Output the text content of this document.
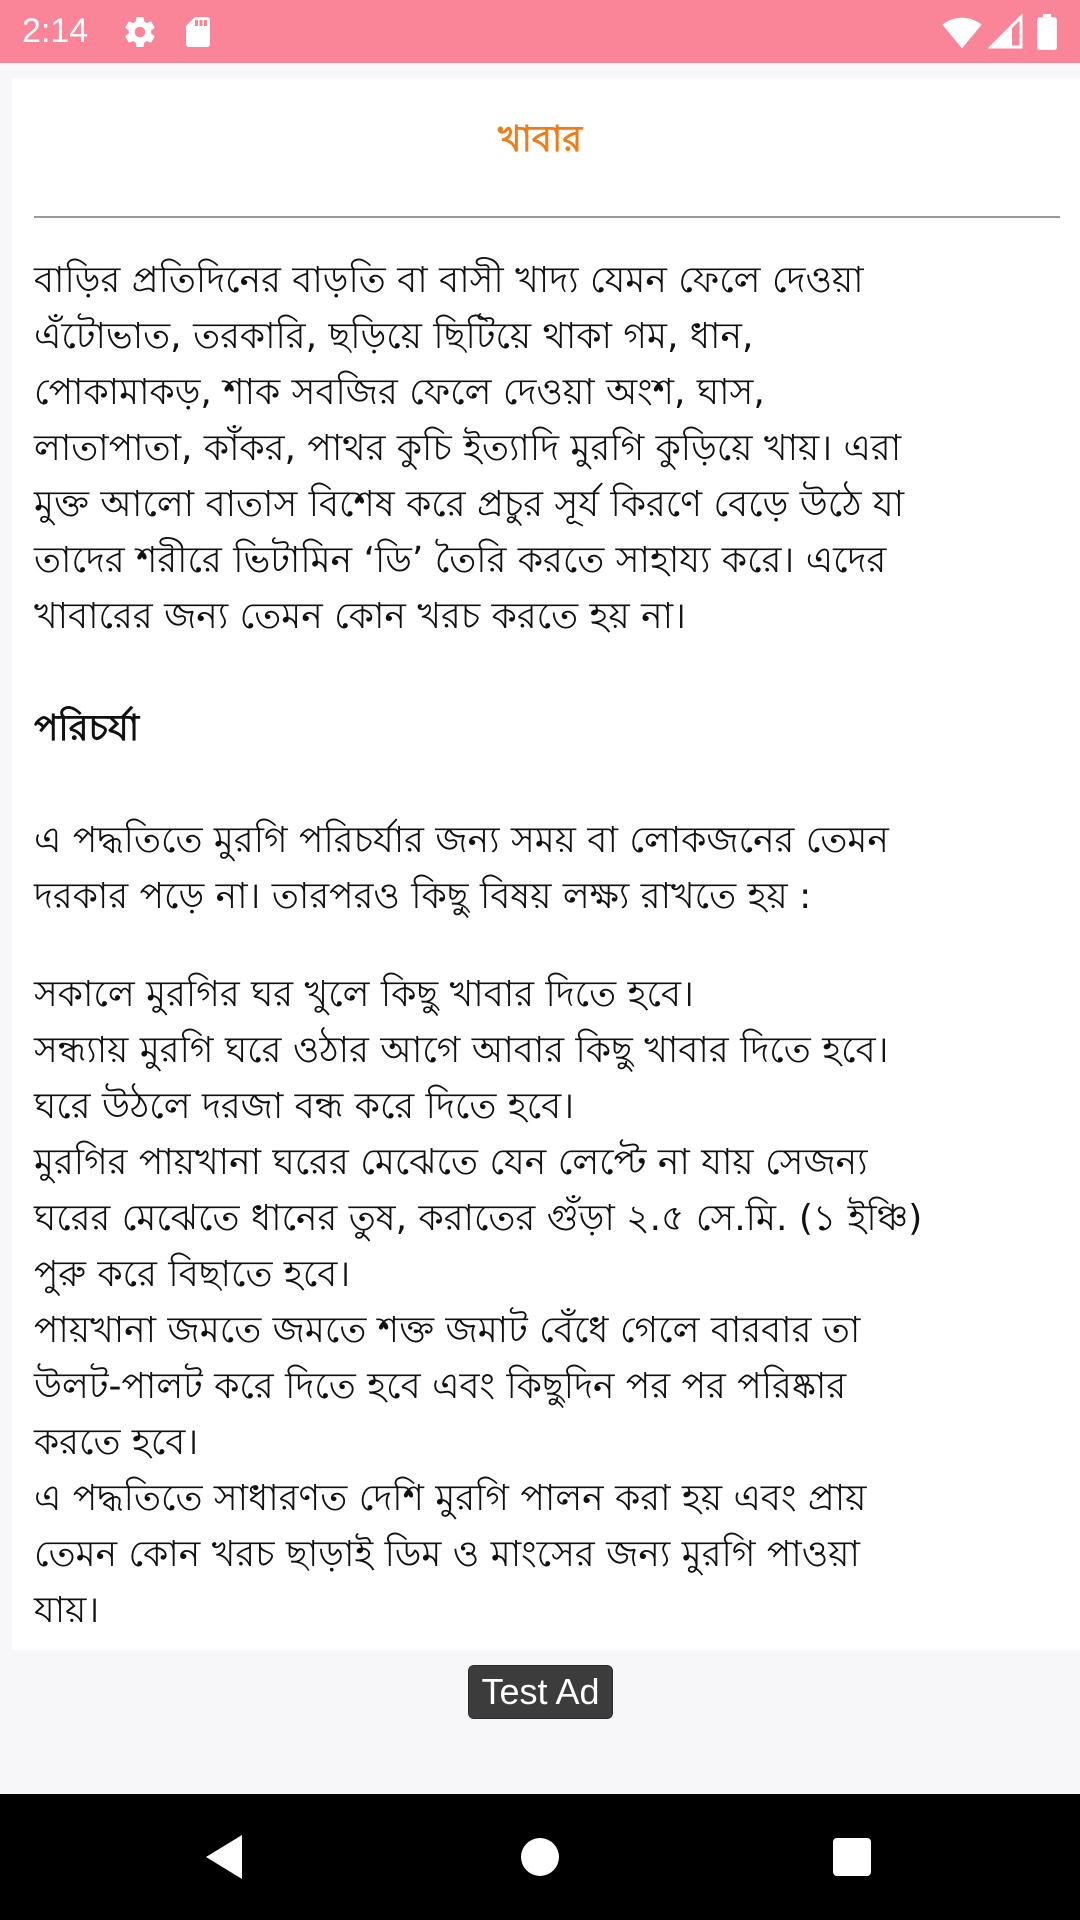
2:14
খাবার

বাড়ির প্রতিদিনের বাড়তি বা বাসী খাদ্য যেমন ফেলে দেওয়া

এঁটোভাত, তরকারি, ছড়িয়ে ছিটিয়ে থাকা গম, ধান,

পোকামাকড়, শাক সবজির ফেলে দেওয়া অংশ, ঘাস,

লাতাপাতা, কাঁকর, পাথর কুচি ইত্যাদি মুরগি কুড়িয়ে খায়। এরা

মুক্ত আলো বাতাস বিশেষ করে প্রচুর সূর্য কিরণে বেড়ে উঠে যা

তাদের শরীরে ভিটামিন ‘ডি’ তৈরি করতে সাহায্য করে। এদের

খাবারের জন্য তেমন কোন খরচ করতে হয় না।

পরিচর্যা

এ পদ্ধতিতে মুরগি পরিচর্যার জন্য সময় বা লোকজনের তেমন

দরকার পড়ে না। তারপরও কিছু বিষয় লক্ষ্য রাখতে হয় :

সকালে মুরগির ঘর খুলে কিছু খাবার দিতে হবে।

সন্ধ্যায় মুরগি ঘরে ওঠার আগে আবার কিছু খাবার দিতে হবে।

ঘরে উঠলে দরজা বন্ধ করে দিতে হবে।

মুরগির পায়খানা ঘরের মেঝেতে যেন লেপ্টে না যায় সেজন্য

ঘরের মেঝেতে ধানের তুষ, করাতের গুঁড়া ২.৫ সে.মি. (১ ইঞ্চি)

পুরু করে বিছাতে হবে।

পায়খানা জমতে জমতে শক্ত জমাট বেঁধে গেলে বারবার তা

উলট-পালট করে দিতে হবে এবং কিছুদিন পর পর পরিষ্কার

করতে হবে।

এ পদ্ধতিতে সাধারণত দেশি মুরগি পালন করা হয় এবং প্রায়

তেমন কোন খরচ ছাড়াই ডিম ও মাংসের জন্য মুরগি পাওয়া

যায়।

Test Ad
